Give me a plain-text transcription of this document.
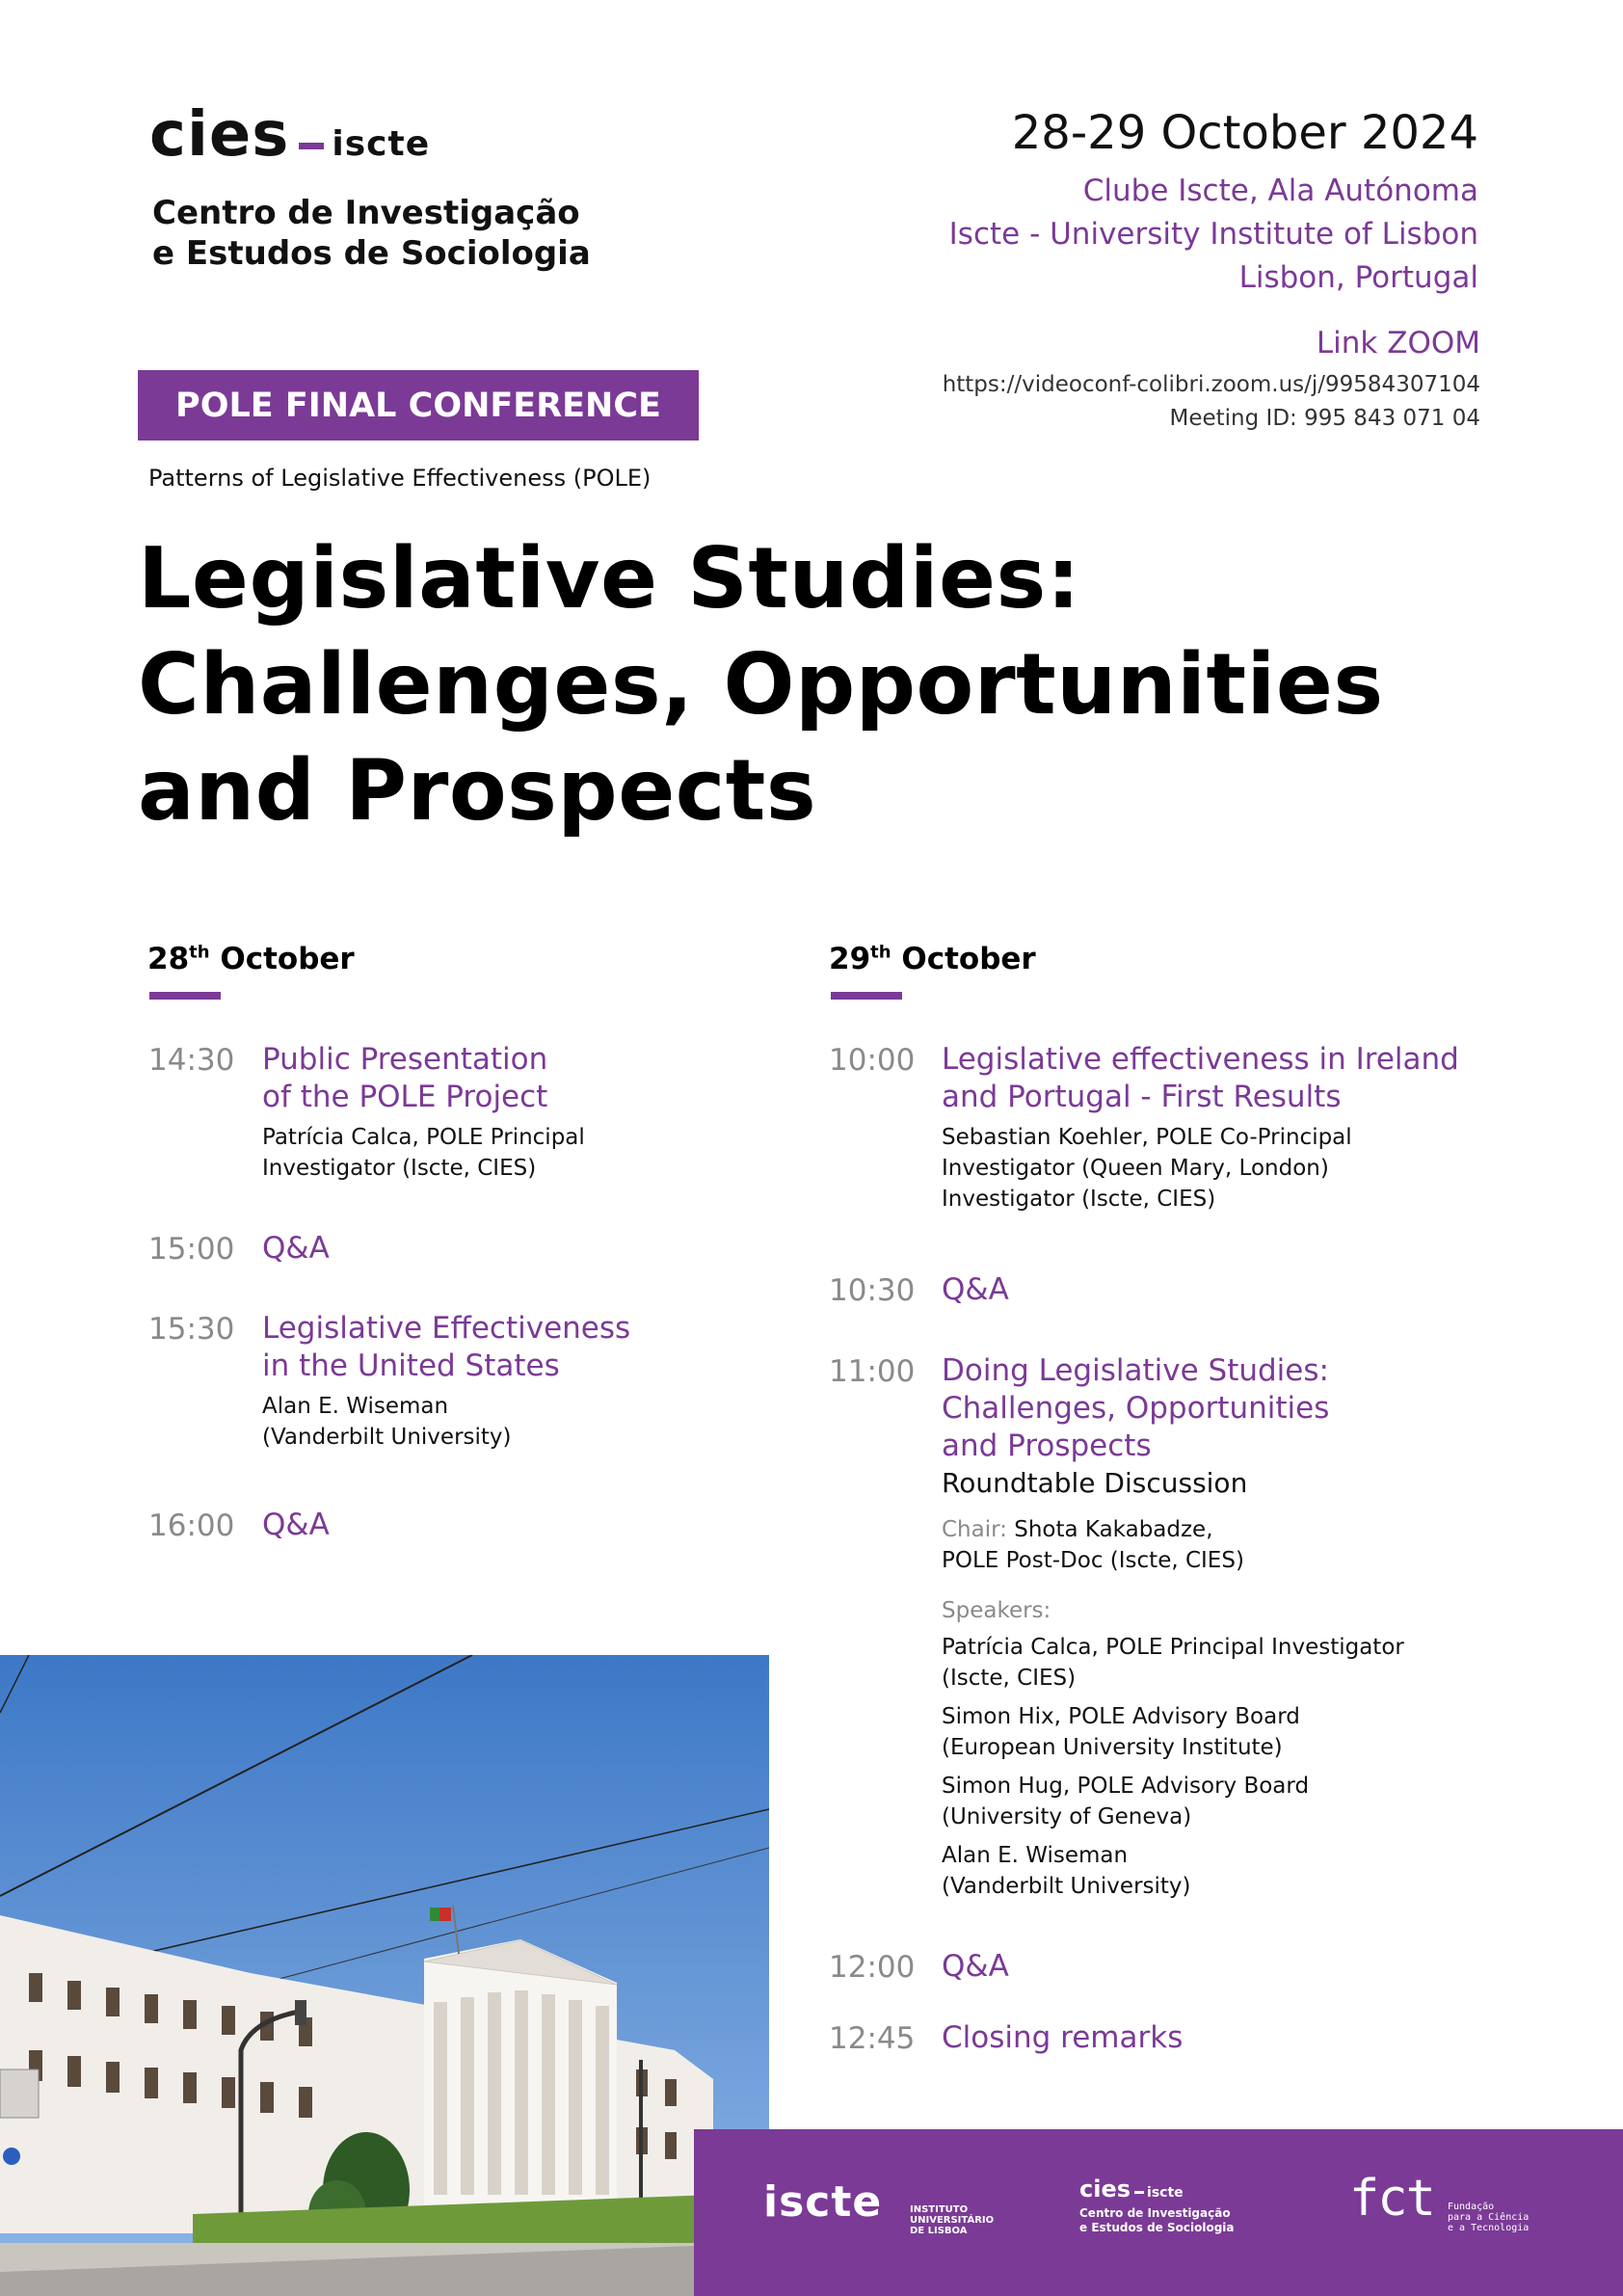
cies iscte
Centro de Investigação
e Estudos de Sociologia
28-29 October 2024
Clube Iscte, Ala Autónoma
Iscte - University Institute of Lisbon
Lisbon, Portugal
Link ZOOM
https://videoconf-colibri.zoom.us/j/99584307104
Meeting ID: 995 843 071 04
POLE FINAL CONFERENCE
Patterns of Legislative Effectiveness (POLE)
Legislative Studies:
Challenges, Opportunities
and Prospects
28th October
14:30 Public Presentation
of the POLE Project
Patrícia Calca, POLE Principal
Investigator (Iscte, CIES)
15:00 Q&A
15:30 Legislative Effectiveness
in the United States
Alan E. Wiseman
(Vanderbilt University)
16:00 Q&A
29th October
10:00 Legislative effectiveness in Ireland
and Portugal - First Results
Sebastian Koehler, POLE Co-Principal
Investigator (Queen Mary, London)
Investigator (Iscte, CIES)
10:30 Q&A
11:00 Doing Legislative Studies:
Challenges, Opportunities
and Prospects
Roundtable Discussion
Chair: Shota Kakabadze,
POLE Post-Doc (Iscte, CIES)
Speakers:
Patrícia Calca, POLE Principal Investigator
(Iscte, CIES)
Simon Hix, POLE Advisory Board
(European University Institute)
Simon Hug, POLE Advisory Board
(University of Geneva)
Alan E. Wiseman
(Vanderbilt University)
12:00 Q&A
12:45 Closing remarks
iscte	INSTITUTO
UNIVERSITÁRIO
DE LISBOA
cies iscte
Centro de Investigação
e Estudos de Sociologia fct Fundação
para a Ciência
e a Tecnologia
